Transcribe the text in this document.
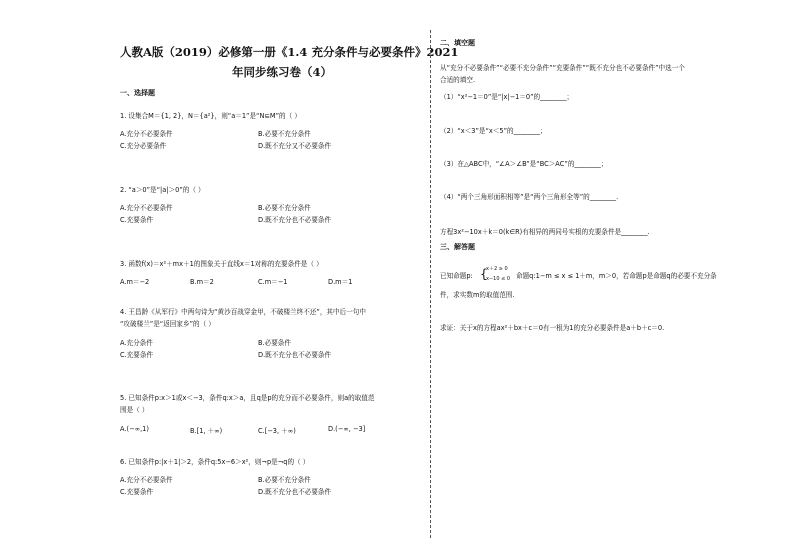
人教A版（2019）必修第一册《1.4 充分条件与必要条件》2021
年同步练习卷（4）
一、选择题
1. 设集合M＝{1, 2}，N＝{a²}，则“a＝1”是“N⊆M”的（ ）
A.充分不必要条件	B.必要不充分条件
C.充分必要条件	D.既不充分又不必要条件
2. “a＞0”是“|a|＞0”的（ ）
A.充分不必要条件	B.必要不充分条件
C.充要条件	D.既不充分也不必要条件
3. 函数f(x)＝x²＋mx＋1的图象关于直线x＝1对称的充要条件是（ ）
A.m＝−2	B.m＝2	C.m＝−1	D.m＝1
4. 王昌龄《从军行》中两句诗为“黄沙百战穿金甲，不破楼兰终不还”，其中后一句中
“攻破楼兰”是“返回家乡”的（ ）
A.充分条件	B.必要条件
C.充要条件	D.既不充分也不必要条件
5. 已知条件p:x＞1或x＜−3，条件q:x＞a，且q是p的充分而不必要条件，则a的取值范
围是（ ）
A.(−∞,1)	B.[1, ＋∞)	C.[−3, ＋∞)	D.(−∞, −3]
6. 已知条件p:|x＋1|＞2，条件q:5x−6＞x²，则¬p是¬q的（ ）
A.充分不必要条件	B.必要不充分条件
C.充要条件	D.既不充分也不必要条件
二、填空题
从“充分不必要条件”“必要不充分条件”“充要条件”“既不充分也不必要条件”中选一个
合适的填空.
（1）“x²−1＝0”是“|x|−1＝0”的________；
（2）“x＜3”是“x＜5”的________；
（3）在△ABC中，“∠A＞∠B”是“BC＞AC”的________；
（4）“两个三角形面积相等”是“两个三角形全等”的________.
方程3x²−10x＋k＝0(k∈R)有相异的两同号实根的充要条件是________.
三、解答题
已知命题p: {
x＋2 ≥ 0
x−10 ≤ 0 命题q:1−m ≤ x ≤ 1＋m，m＞0，若命题p是命题q的必要不充分条
件，求实数m的取值范围.
求证：关于x的方程ax²＋bx＋c＝0有一根为1的充分必要条件是a＋b＋c＝0.
